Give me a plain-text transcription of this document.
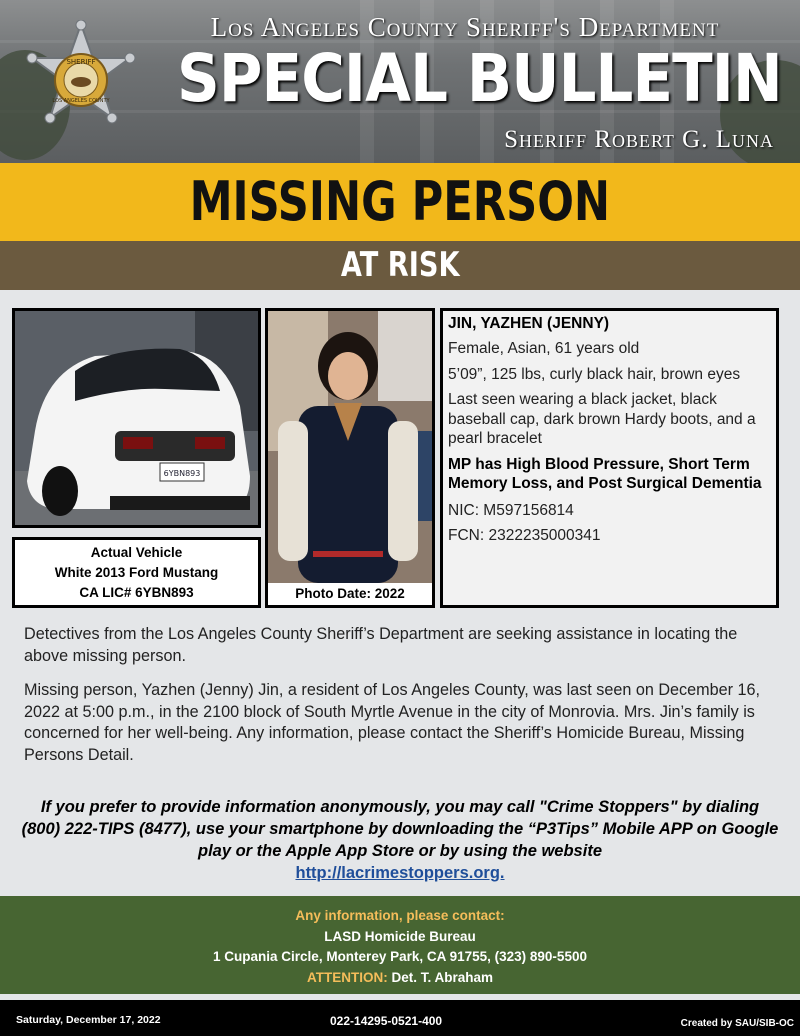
SHERIFF
LOS ANGELES COUNTY
Los Angeles County Sheriff's Department
SPECIAL BULLETIN
Sheriff Robert G. Luna
MISSING PERSON
AT RISK
6YBN893
Actual Vehicle
White 2013 Ford Mustang
CA LIC# 6YBN893	Photo Date: 2022
JIN, YAZHEN (JENNY)
Female, Asian, 61 years old
5’09”, 125 lbs, curly black hair, brown eyes
Last seen wearing a black jacket, black baseball cap, dark brown Hardy boots, and a pearl bracelet
MP has High Blood Pressure, Short Term Memory Loss, and Post Surgical Dementia
NIC: M597156814
FCN: 2322235000341
Detectives from the Los Angeles County Sheriff’s Department are seeking assistance in locating the above missing person.
Missing person, Yazhen (Jenny) Jin, a resident of Los Angeles County, was last seen on December 16, 2022 at 5:00 p.m., in the 2100 block of South Myrtle Avenue in the city of Monrovia. Mrs. Jin’s family is concerned for her well-being. Any information, please contact the Sheriff’s Homicide Bureau, Missing Persons Detail.
If you prefer to provide information anonymously, you may call "Crime Stoppers" by dialing (800) 222-TIPS (8477), use your smartphone by downloading the “P3Tips” Mobile APP on Google play or the Apple App Store or by using the website
http://lacrimestoppers.org.
Any information, please contact:
LASD Homicide Bureau
1 Cupania Circle, Monterey Park, CA 91755, (323) 890-5500
ATTENTION: Det. T. Abraham
Saturday, December 17, 2022	022-14295-0521-400	Created by SAU/SIB-OC
